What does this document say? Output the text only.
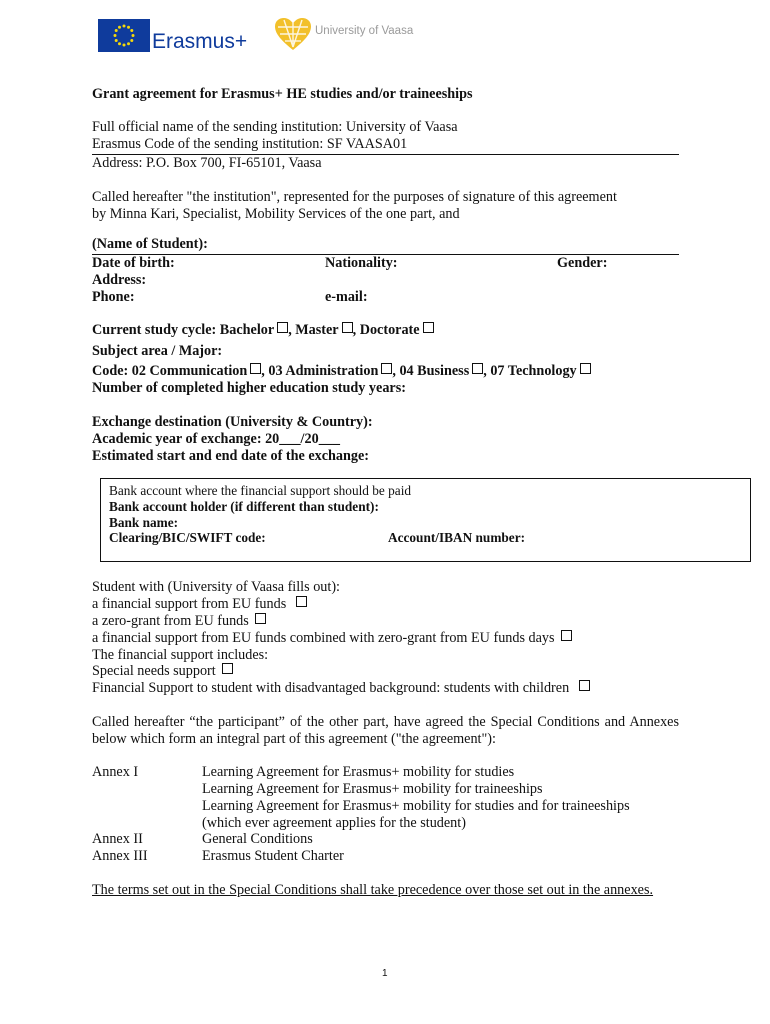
Erasmus+	University of Vaasa
Grant agreement for Erasmus+ HE studies and/or traineeships
Full official name of the sending institution: University of Vaasa
Erasmus Code of the sending institution: SF VAASA01
Address: P.O. Box 700, FI-65101, Vaasa
Called hereafter "the institution", represented for the purposes of signature of this agreement
by Minna Kari, Specialist, Mobility Services of the one part, and
(Name of Student):
Date of birth:	Nationality:	Gender:
Address:
Phone:	e-mail:
Current study cycle: Bachelor , Master , Doctorate
Subject area / Major:
Code: 02 Communication , 03 Administration , 04 Business , 07 Technology
Number of completed higher education study years:
Exchange destination (University & Country):
Academic year of exchange: 20___/20___
Estimated start and end date of the exchange:
Bank account where the financial support should be paid
Bank account holder (if different than student):
Bank name:
Clearing/BIC/SWIFT code:	Account/IBAN number:
Student with (University of Vaasa fills out):
a financial support from EU funds
a zero-grant from EU funds
a financial support from EU funds combined with zero-grant from EU funds days
The financial support includes:
Special needs support
Financial Support to student with disadvantaged background: students with children
Called hereafter “the participant” of the other part, have agreed the Special Conditions and Annexes below which form an integral part of this agreement ("the agreement"):
Annex I	Learning Agreement for Erasmus+ mobility for studies
Learning Agreement for Erasmus+ mobility for traineeships
Learning Agreement for Erasmus+ mobility for studies and for traineeships
(which ever agreement applies for the student)
Annex II	General Conditions
Annex III	Erasmus Student Charter
The terms set out in the Special Conditions shall take precedence over those set out in the annexes.
1
